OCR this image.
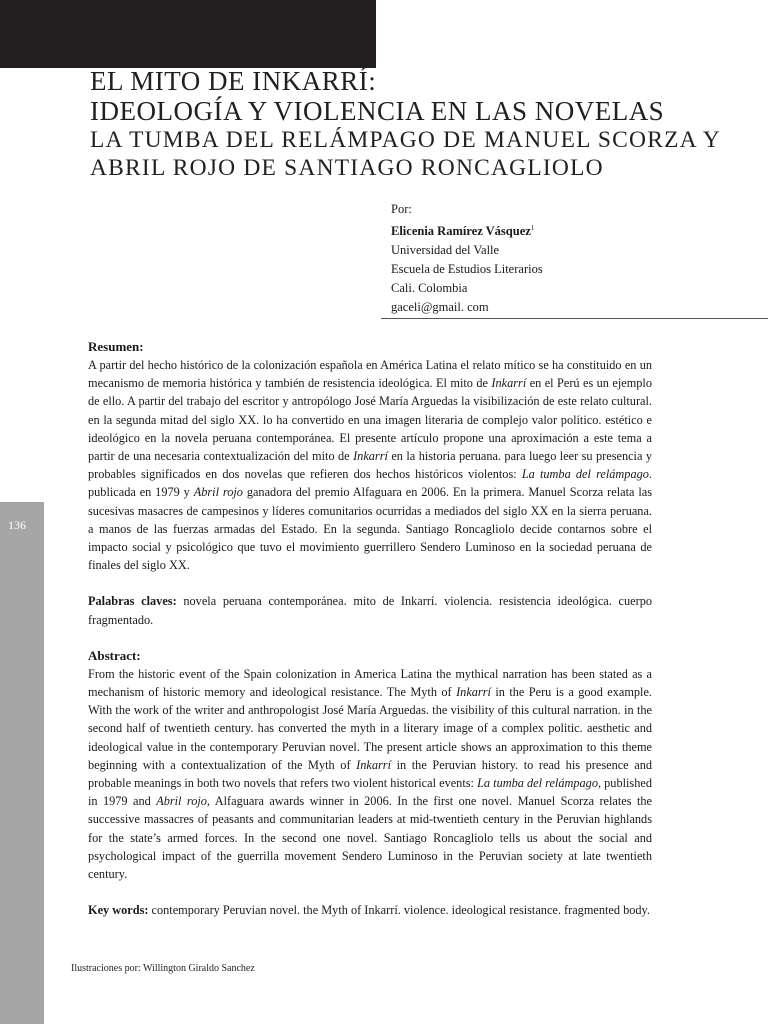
EL MITO DE INKARRÍ:
IDEOLOGÍA Y VIOLENCIA EN LAS NOVELAS
LA TUMBA DEL RELÁMPAGO DE MANUEL SCORZA Y
ABRIL ROJO DE SANTIAGO RONCAGLIOLO
Por:
Elicenia Ramírez Vásquez$^1$
Universidad del Valle
Escuela de Estudios Literarios
Cali. Colombia
gaceli@gmail. com
136
Resumen:

A partir del hecho histórico de la colonización española en América Latina el relato mítico se ha constituido en un mecanismo de memoria histórica y también de resistencia ideológica. El mito de Inkarrí en el Perú es un ejemplo de ello. A partir del trabajo del escritor y antropólogo José María Arguedas la visibilización de este relato cultural. en la segunda mitad del siglo XX. lo ha convertido en una imagen literaria de complejo valor político. estético e ideológico en la novela peruana contemporánea. El presente artículo propone una aproximación a este tema a partir de una necesaria contextualización del mito de Inkarrí en la historia peruana. para luego leer su presencia y probables significados en dos novelas que refieren dos hechos históricos violentos: La tumba del relámpago. publicada en 1979 y Abril rojo ganadora del premio Alfaguara en 2006. En la primera. Manuel Scorza relata las sucesivas masacres de campesinos y líderes comunitarios ocurridas a mediados del siglo XX en la sierra peruana. a manos de las fuerzas armadas del Estado. En la segunda. Santiago Roncagliolo decide contarnos sobre el impacto social y psicológico que tuvo el movimiento guerrillero Sendero Luminoso en la sociedad peruana de finales del siglo XX.

Palabras claves: novela peruana contemporánea. mito de Inkarrí. violencia. resistencia ideológica. cuerpo fragmentado.

Abstract:

From the historic event of the Spain colonization in America Latina the mythical narration has been stated as a mechanism of historic memory and ideological resistance. The Myth of Inkarrí in the Peru is a good example. With the work of the writer and anthropologist José María Arguedas. the visibility of this cultural narration. in the second half of twentieth century. has converted the myth in a literary image of a complex politic. aesthetic and ideological value in the contemporary Peruvian novel. The present article shows an approximation to this theme beginning with a contextualization of the Myth of Inkarrí in the Peruvian history. to read his presence and probable meanings in both two novels that refers two violent historical events: La tumba del relámpago, published in 1979 and Abril rojo, Alfaguara awards winner in 2006. In the first one novel. Manuel Scorza relates the successive massacres of peasants and communitarian leaders at mid-twentieth century in the Peruvian highlands for the state’s armed forces. In the second one novel. Santiago Roncagliolo tells us about the social and psychological impact of the guerrilla movement Sendero Luminoso in the Peruvian society at late twentieth century.

Key words: contemporary Peruvian novel. the Myth of Inkarrí. violence. ideological resistance. fragmented body.

Ilustraciones por: Willington Giraldo Sanchez
